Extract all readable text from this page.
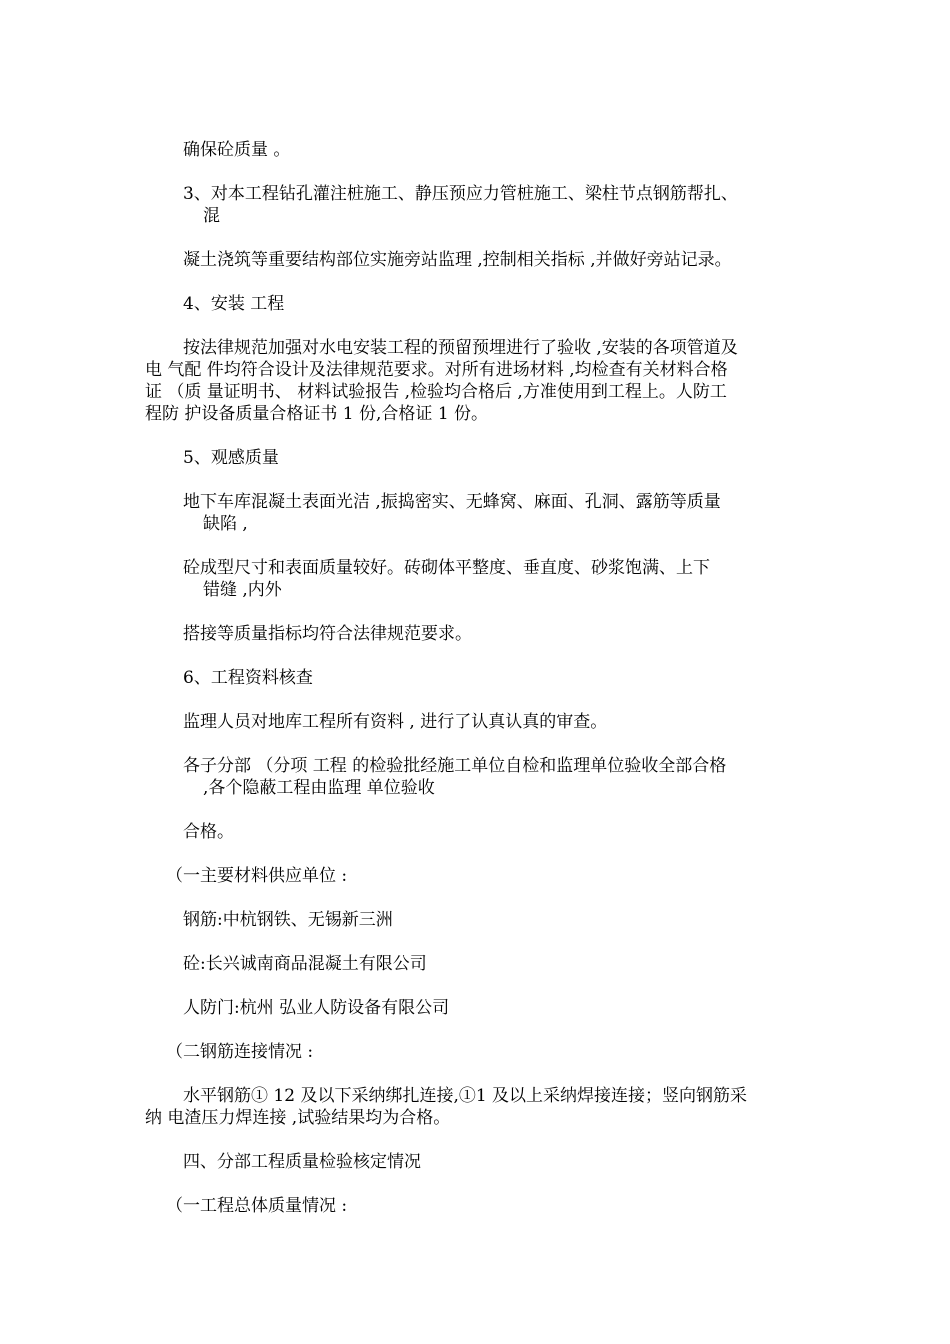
确保砼质量 。

3、对本工程钻孔灌注桩施工、静压预应力管桩施工、梁柱节点钢筋帮扎、
混

凝土浇筑等重要结构部位实施旁站监理 ,控制相关指标 ,并做好旁站记录。

4、安装 工程

按法律规范加强对水电安装工程的预留预埋进行了验收 ,安装的各项管道及
电 气配 件均符合设计及法律规范要求。对所有进场材料 ,均检查有关材料合格
证 （质 量证明书、 材料试验报告 ,检验均合格后 ,方准使用到工程上。人防工
程防 护设备质量合格证书 1 份,合格证 1 份。

5、观感质量

地下车库混凝土表面光洁 ,振捣密实、无蜂窝、麻面、孔洞、露筋等质量
缺陷 ,

砼成型尺寸和表面质量较好。砖砌体平整度、垂直度、砂浆饱满、上下
错缝 ,内外

搭接等质量指标均符合法律规范要求。

6、工程资料核查

监理人员对地库工程所有资料 , 进行了认真认真的审查。

各子分部 （分项 工程 的检验批经施工单位自检和监理单位验收全部合格
,各个隐蔽工程由监理 单位验收

合格。

（一主要材料供应单位 :

钢筋:中杭钢铁、无锡新三洲

砼:长兴诚南商品混凝土有限公司

人防门:杭州 弘业人防设备有限公司

（二钢筋连接情况 :

水平钢筋① 12 及以下采纳绑扎连接,①1 及以上采纳焊接连接；竖向钢筋采
纳 电渣压力焊连接 ,试验结果均为合格。

四、分部工程质量检验核定情况

（一工程总体质量情况 :
